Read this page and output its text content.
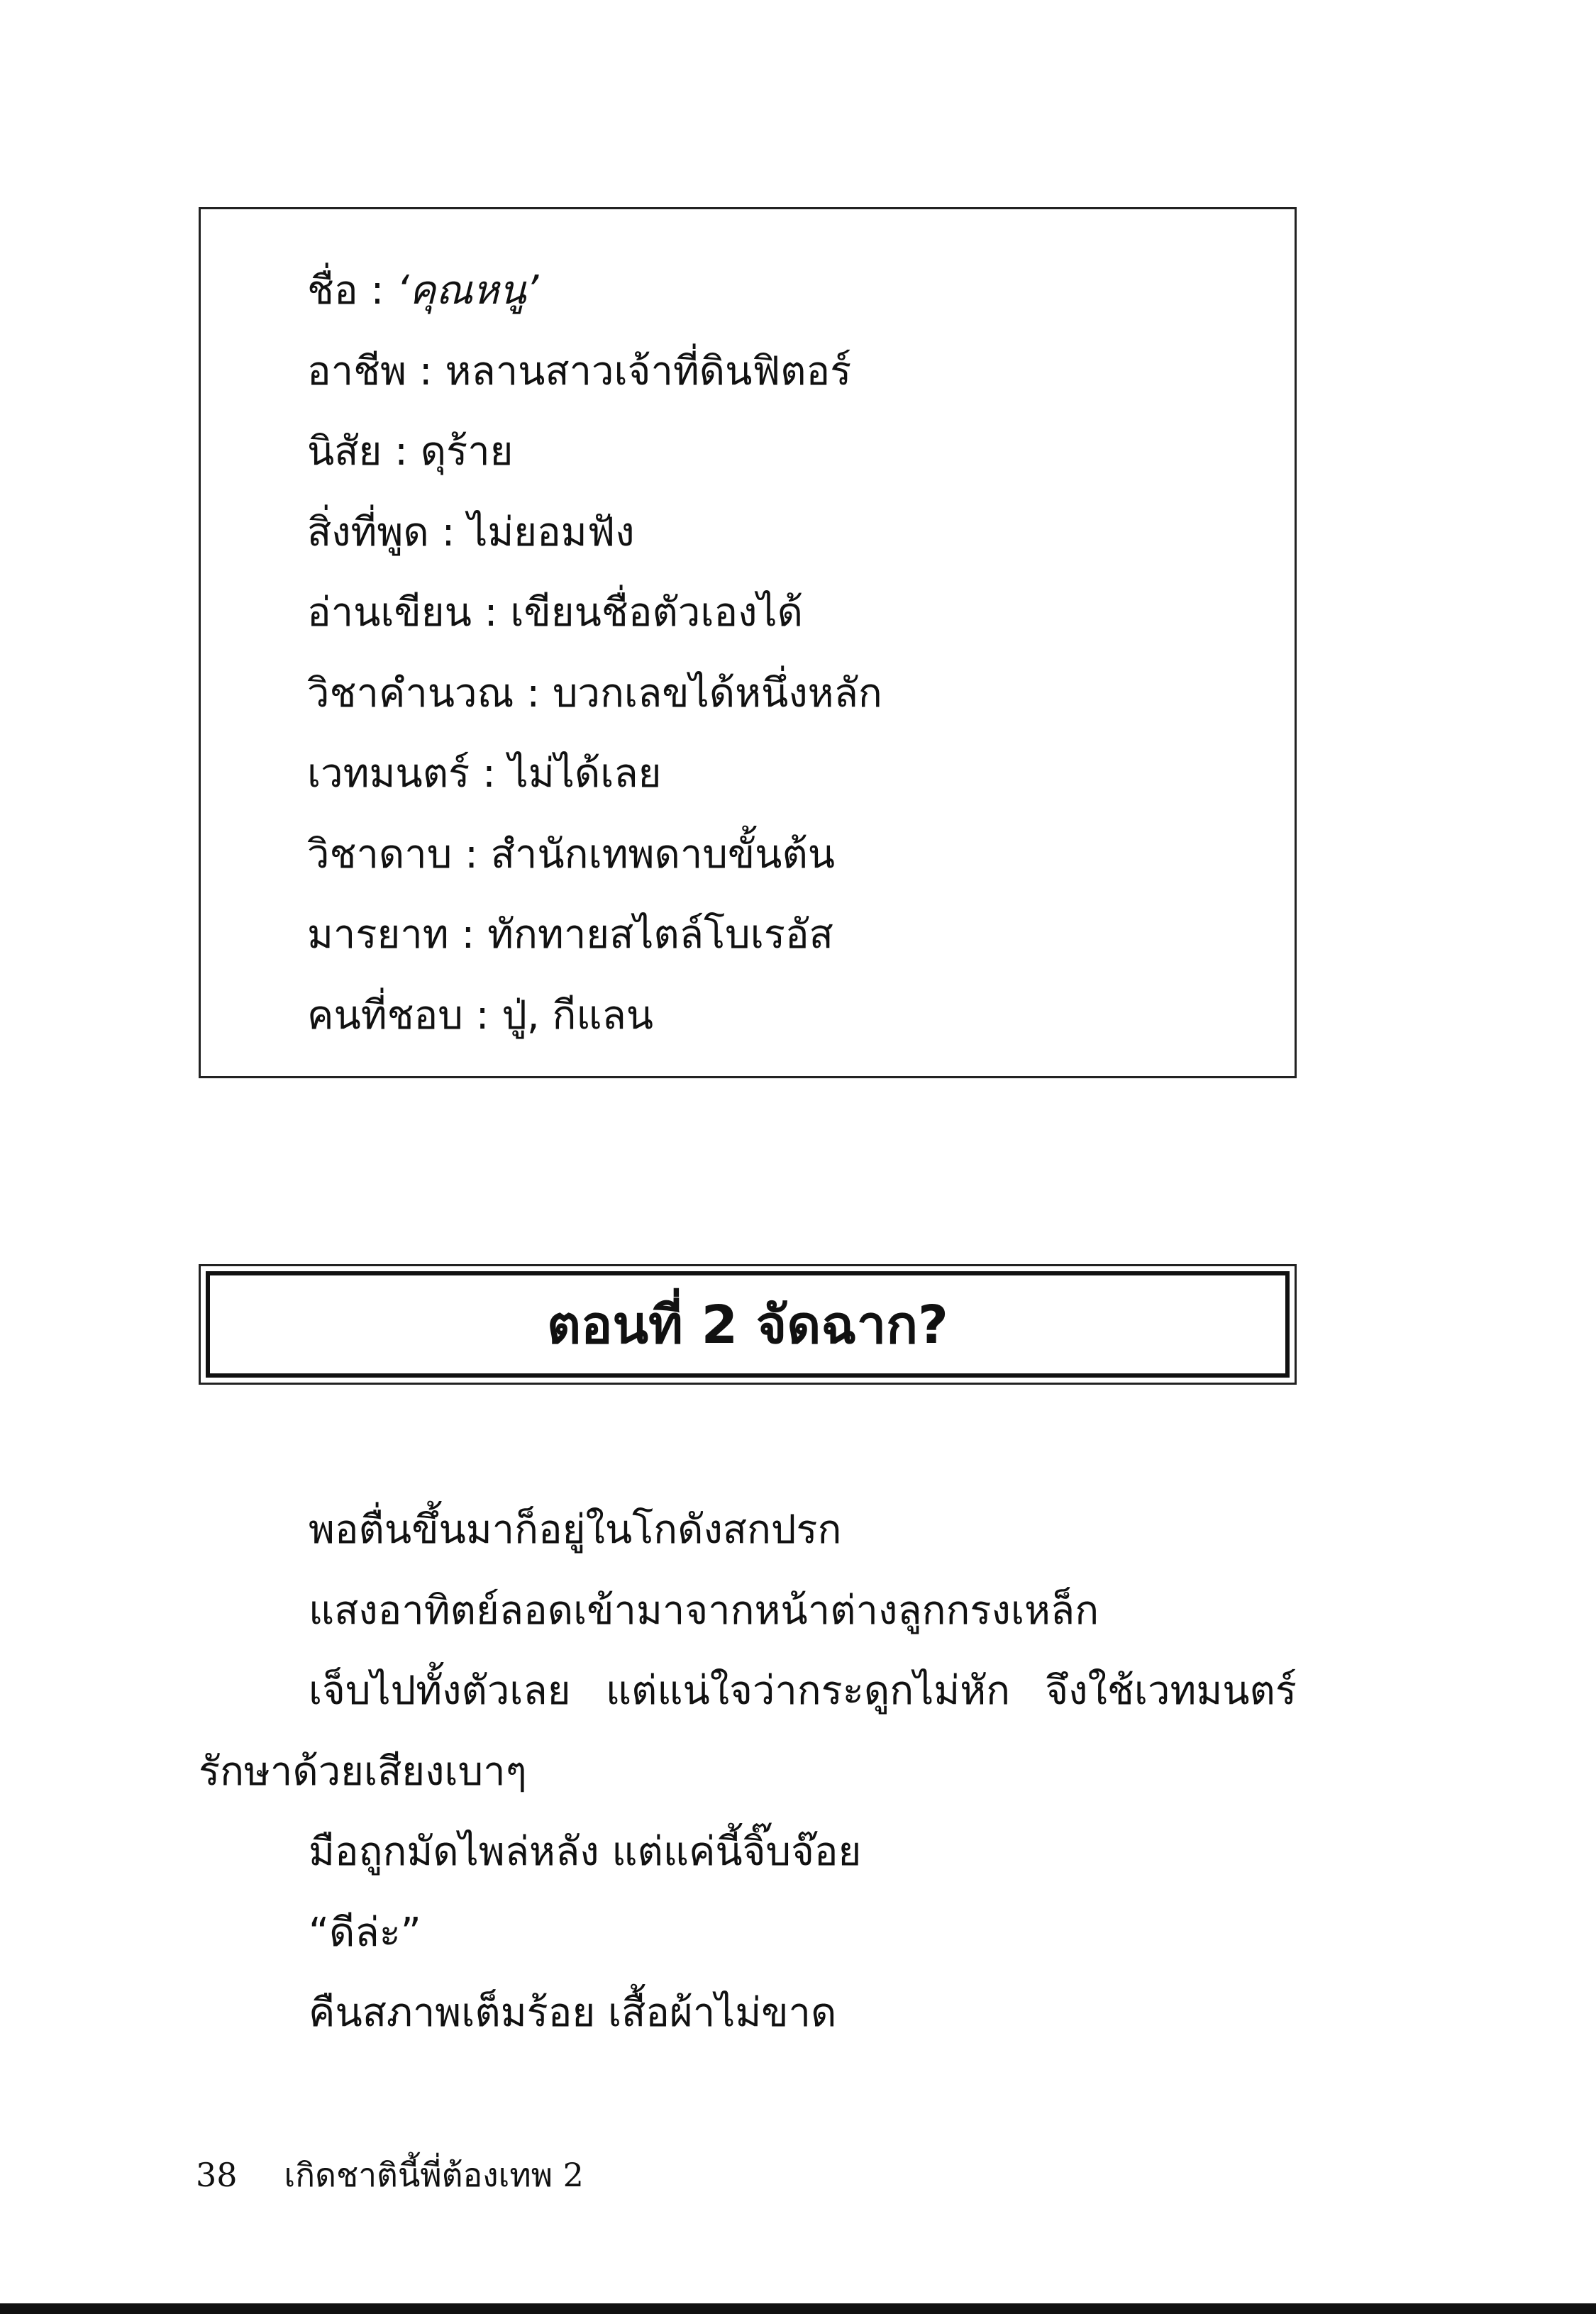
ชื่อ : ‘คุณหนู’
อาชีพ : หลานสาวเจ้าที่ดินฟิตอร์
นิสัย : ดุร้าย
สิ่งที่พูด : ไม่ยอมฟัง
อ่านเขียน : เขียนชื่อตัวเองได้
วิชาคำนวณ : บวกเลขได้หนึ่งหลัก
เวทมนตร์ : ไม่ได้เลย
วิชาดาบ : สำนักเทพดาบขั้นต้น
มารยาท : ทักทายสไตล์โบเรอัส
คนที่ชอบ : ปู่, กีแลน
ตอนที่ 2 จัดฉาก?

พอตื่นขึ้นมาก็อยู่ในโกดังสกปรก

แสงอาทิตย์ลอดเข้ามาจากหน้าต่างลูกกรงเหล็ก

เจ็บไปทั้งตัวเลย แต่แน่ใจว่ากระดูกไม่หัก จึงใช้เวทมนตร์รักษาด้วยเสียงเบาๆ

มือถูกมัดไพล่หลัง แต่แค่นี้จิ๊บจ๊อย

“ดีล่ะ”

คืนสภาพเต็มร้อย เสื้อผ้าไม่ขาด

38 เกิดชาตินี้พี่ต้องเทพ 2
